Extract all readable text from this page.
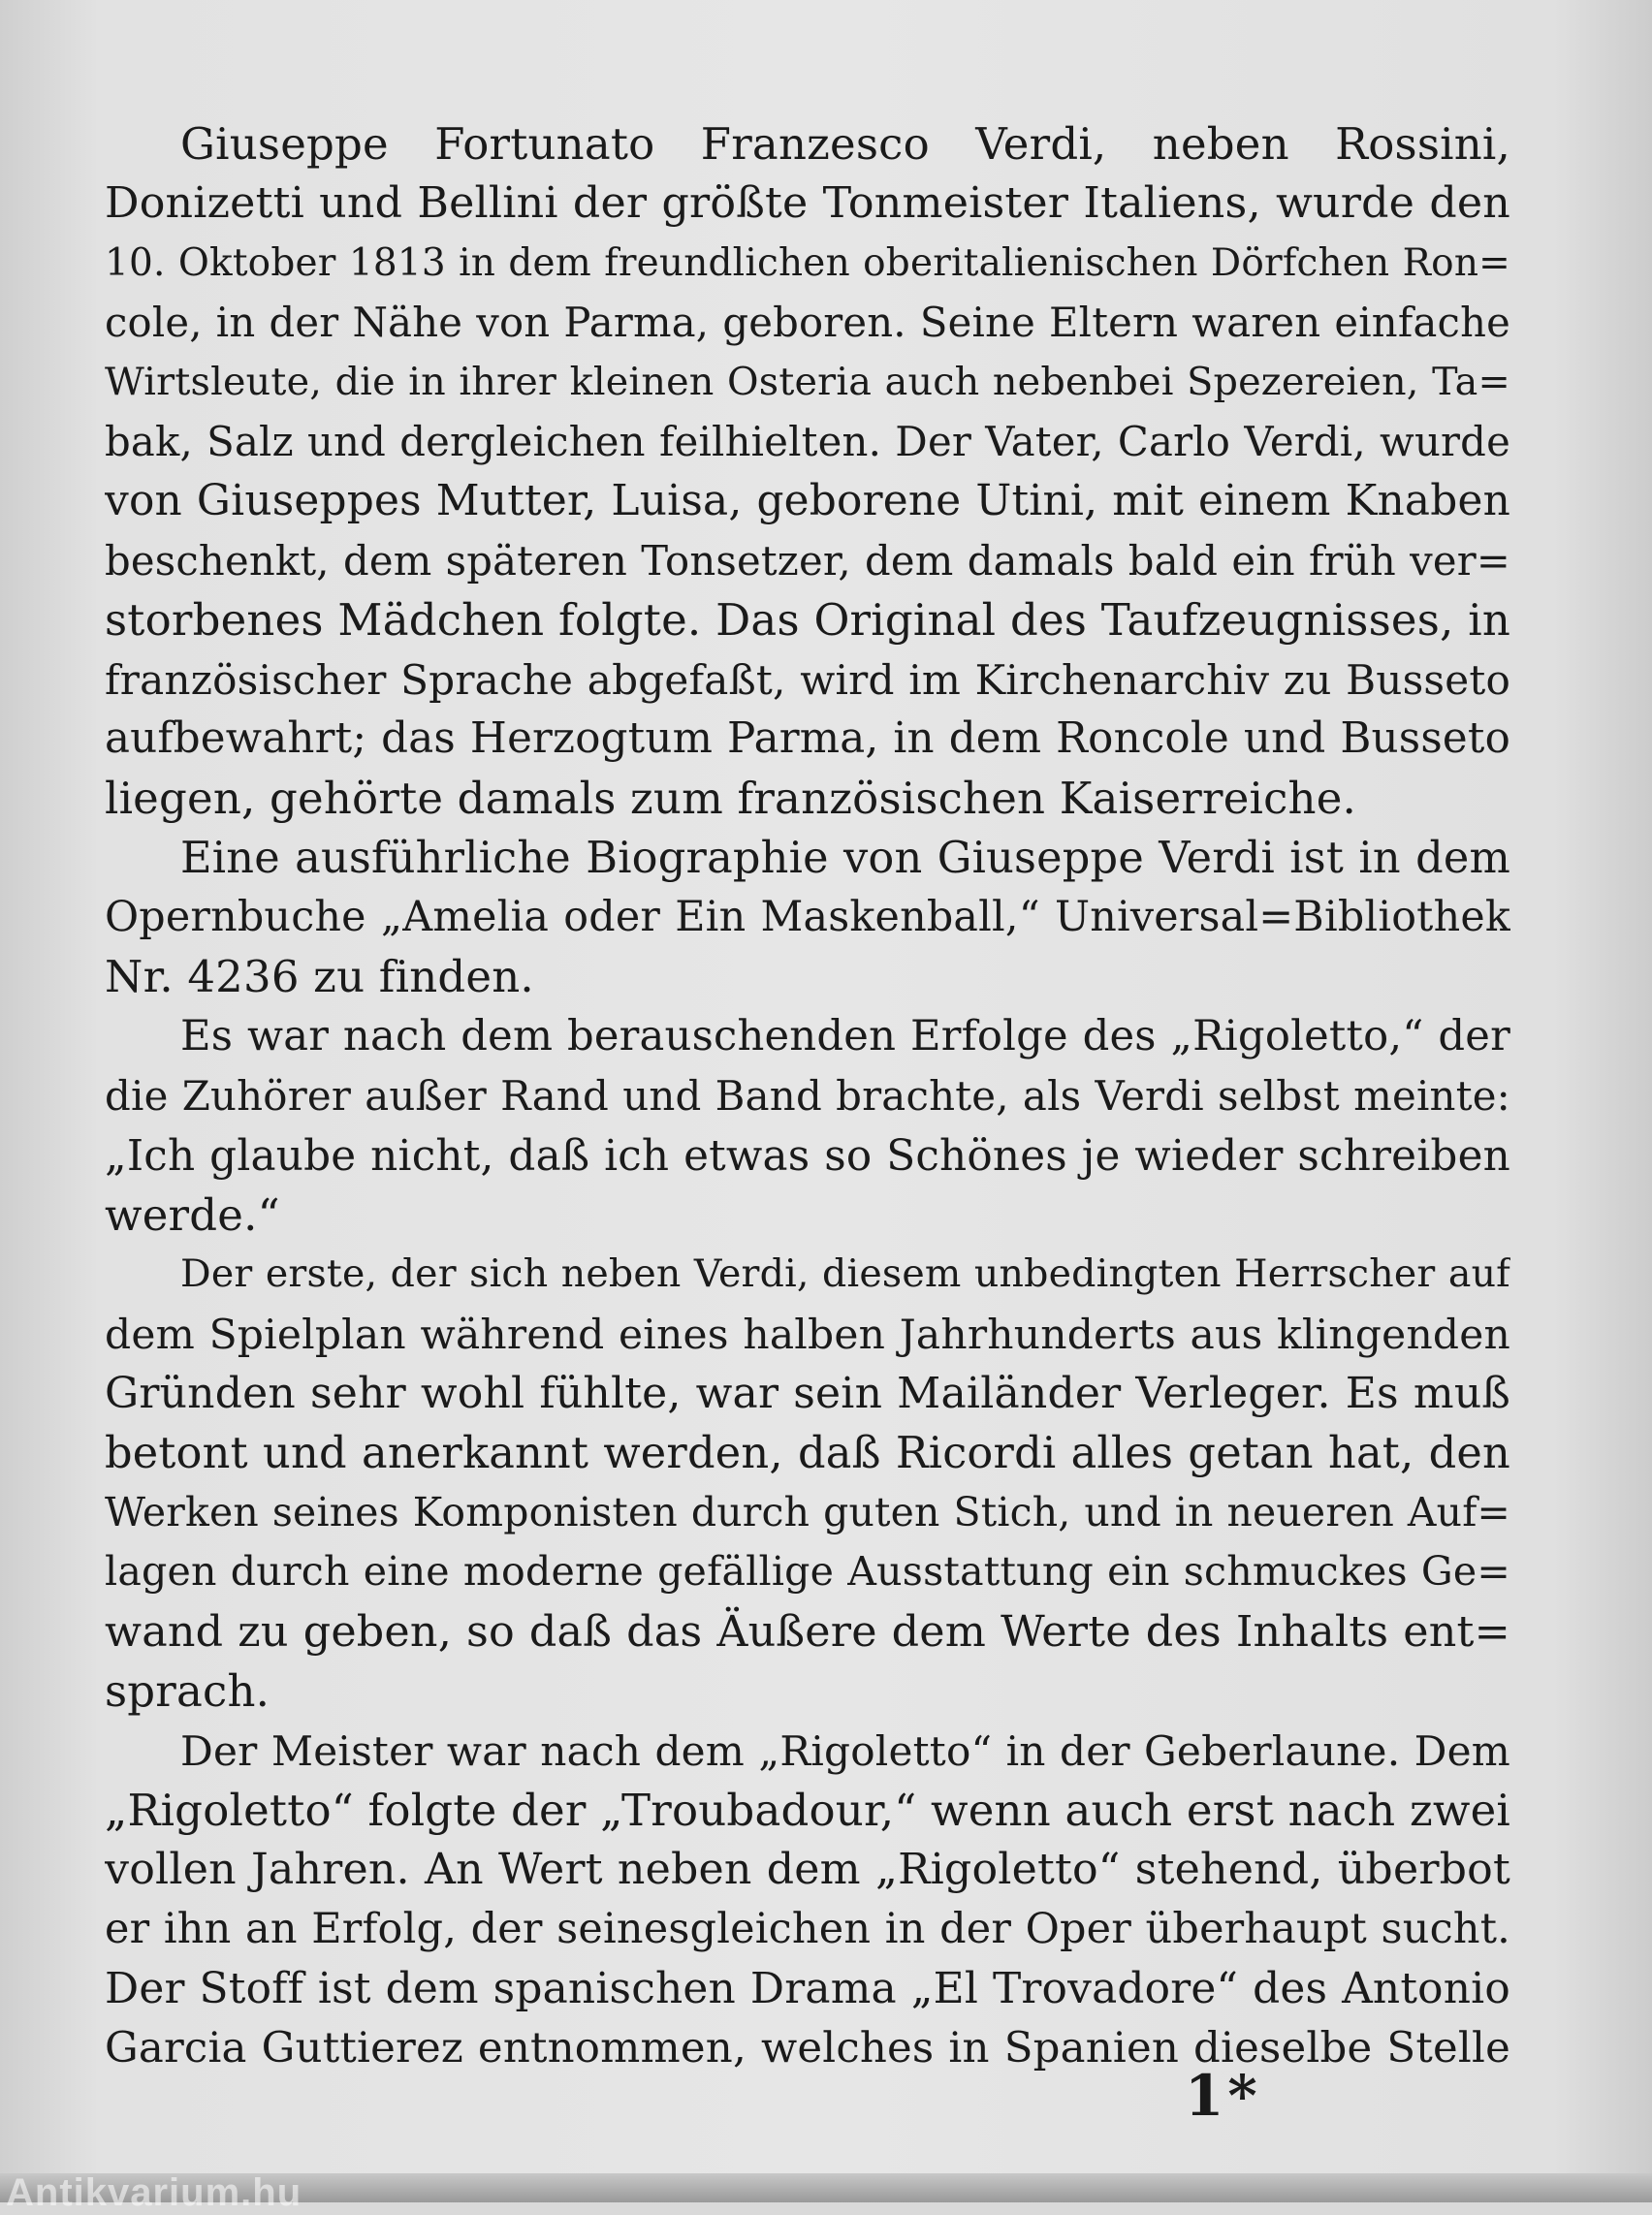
Giuseppe Fortunato Franzesco Verdi, neben Rossini,
Donizetti und Bellini der größte Tonmeister Italiens, wurde den
10. Oktober 1813 in dem freundlichen oberitalienischen Dörfchen Ron=
cole, in der Nähe von Parma, geboren. Seine Eltern waren einfache
Wirtsleute, die in ihrer kleinen Osteria auch nebenbei Spezereien, Ta=
bak, Salz und dergleichen feilhielten. Der Vater, Carlo Verdi, wurde
von Giuseppes Mutter, Luisa, geborene Utini, mit einem Knaben
beschenkt, dem späteren Tonsetzer, dem damals bald ein früh ver=
storbenes Mädchen folgte. Das Original des Taufzeugnisses, in
französischer Sprache abgefaßt, wird im Kirchenarchiv zu Busseto
aufbewahrt; das Herzogtum Parma, in dem Roncole und Busseto
liegen, gehörte damals zum französischen Kaiserreiche.
Eine ausführliche Biographie von Giuseppe Verdi ist in dem
Opernbuche „Amelia oder Ein Maskenball,“ Universal=Bibliothek
Nr. 4236 zu finden.
Es war nach dem berauschenden Erfolge des „Rigoletto,“ der
die Zuhörer außer Rand und Band brachte, als Verdi selbst meinte:
„Ich glaube nicht, daß ich etwas so Schönes je wieder schreiben
werde.“
Der erste, der sich neben Verdi, diesem unbedingten Herrscher auf
dem Spielplan während eines halben Jahrhunderts aus klingenden
Gründen sehr wohl fühlte, war sein Mailänder Verleger. Es muß
betont und anerkannt werden, daß Ricordi alles getan hat, den
Werken seines Komponisten durch guten Stich, und in neueren Auf=
lagen durch eine moderne gefällige Ausstattung ein schmuckes Ge=
wand zu geben, so daß das Äußere dem Werte des Inhalts ent=
sprach.
Der Meister war nach dem „Rigoletto“ in der Geberlaune. Dem
„Rigoletto“ folgte der „Troubadour,“ wenn auch erst nach zwei
vollen Jahren. An Wert neben dem „Rigoletto“ stehend, überbot
er ihn an Erfolg, der seinesgleichen in der Oper überhaupt sucht.
Der Stoff ist dem spanischen Drama „El Trovadore“ des Antonio
Garcia Guttierez entnommen, welches in Spanien dieselbe Stelle
1*
Antikvarium.hu
